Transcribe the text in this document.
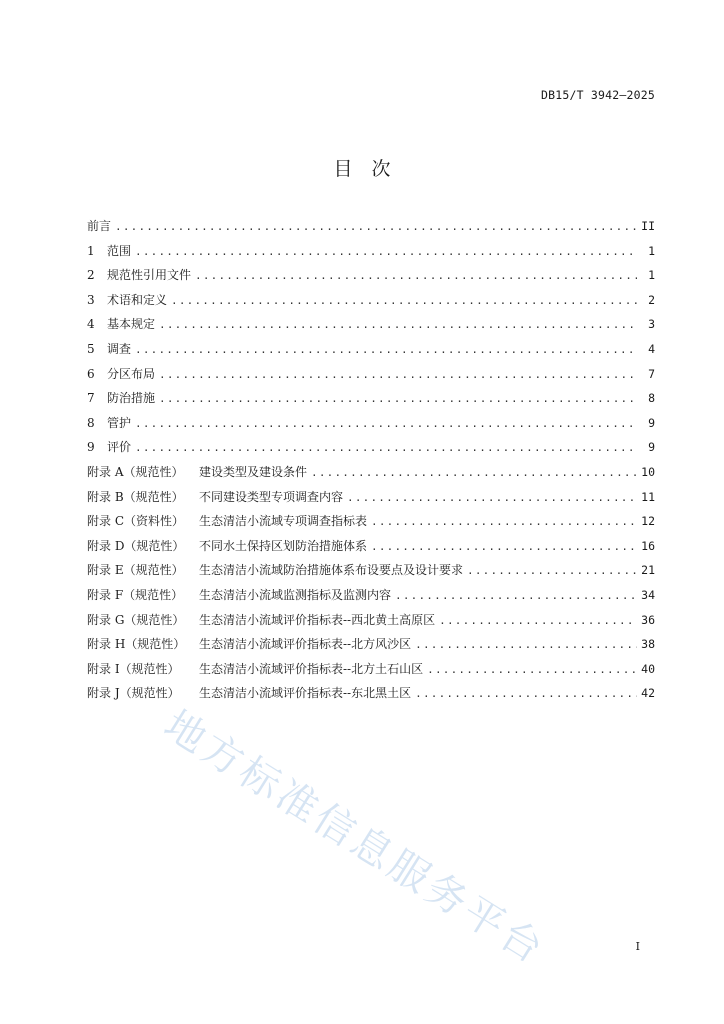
DB15/T 3942—2025
目　次
前言 .....	II
1	范围 .....	1
2	规范性引用文件 .....	1
3	术语和定义 .....	2
4	基本规定 .....	3
5	调查 .....	4
6	分区布局 .....	7
7	防治措施 .....	8
8	管护 .....	9
9	评价 .....	9
附录 A（规范性）	建设类型及建设条件 .....	10
附录 B（规范性）	不同建设类型专项调查内容 .....	11
附录 C（资料性）	生态清洁小流域专项调查指标表 .....	12
附录 D（规范性）	不同水土保持区划防治措施体系 .....	16
附录 E（规范性）	生态清洁小流域防治措施体系布设要点及设计要求 .....	21
附录 F（规范性）	生态清洁小流域监测指标及监测内容 .....	34
附录 G（规范性）	生态清洁小流域评价指标表--西北黄土高原区 .....	36
附录 H（规范性）	生态清洁小流域评价指标表--北方风沙区 .....	38
附录 I（规范性）	生态清洁小流域评价指标表--北方土石山区 .....	40
附录 J（规范性）	生态清洁小流域评价指标表--东北黑土区 .....	42
地方标准信息服务平台	I
